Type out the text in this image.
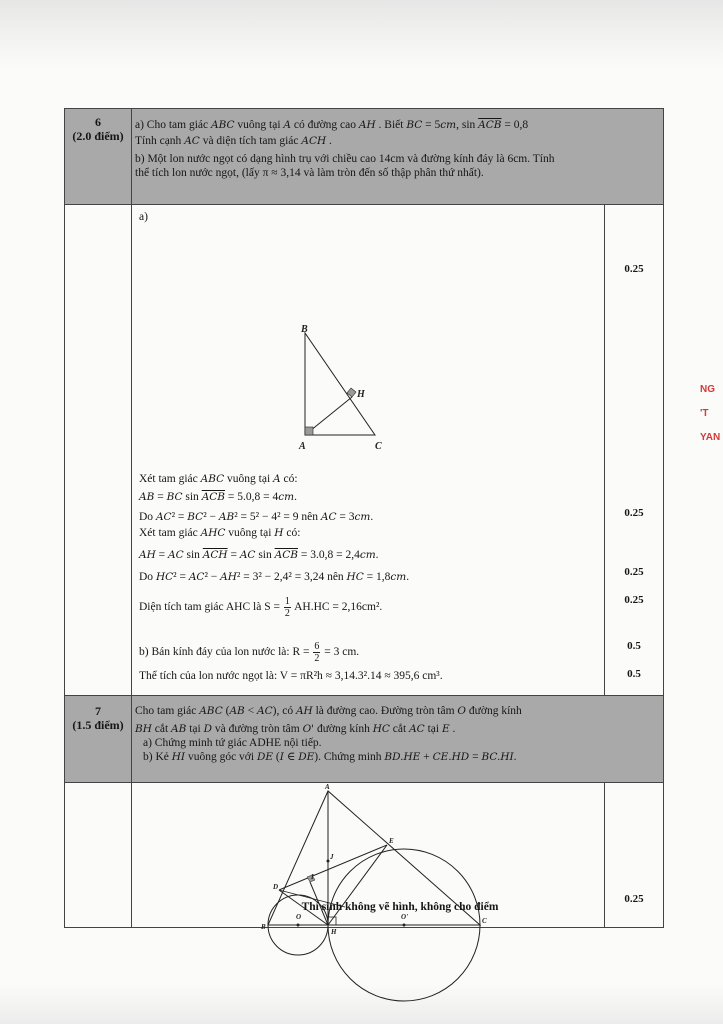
6
(2.0 điểm)
a) Cho tam giác ABC vuông tại A có đường cao AH . Biết BC = 5cm, $\sin \overline{ACB} = 0,8$
Tính cạnh AC và diện tích tam giác ACH .
b) Một lon nước ngọt có dạng hình trụ với chiều cao 14cm và đường kính đáy là 6cm. Tính
thể tích lon nước ngọt, (lấy π ≈ 3,14 và làm tròn đến số thập phân thứ nhất).
a)
B
H
A	C
Xét tam giác ABC vuông tại A có:
AB = BC $\sin \overline{ACB} = 5.0,8 = 4cm$.
Do AC² = BC² − AB² = 5² − 4² = 9 nên AC = 3cm.
Xét tam giác AHC vuông tại H có:
AH = AC $\sin \overline{ACH}$ = AC $\sin \overline{ACB} = 3.0,8 = 2,4cm$.
Do HC² = AC² − AH² = 3² − 2,4² = 3,24 nên HC = 1,8cm.
Diện tích tam giác AHC là $S = \frac{1}{2} AH.HC = 2,16cm^2$.
b) Bán kính đáy của lon nước là: $R = \frac{6}{2} = 3$ cm.
Thể tích của lon nước ngọt là: V = πR²h ≈ 3,14.3².14 ≈ 395,6 cm³.
0.25
0.25
0.25
0.25
0.5
0.5
7
(1.5 điểm)
Cho tam giác ABC (AB < AC), có AH là đường cao. Đường tròn tâm O đường kính
BH cắt AB tại D và đường tròn tâm O' đường kính HC cắt AC tại E .
a) Chứng minh tứ giác ADHE nội tiếp.
b) Kẻ HI vuông góc với DE (I ∈ DE). Chứng minh BD.HE + CE.HD = BC.HI.
A
E
J
D
I
B
O
H
O'	C
0.25
Thí sinh không vẽ hình, không cho điểm
NG
'T
YAN
